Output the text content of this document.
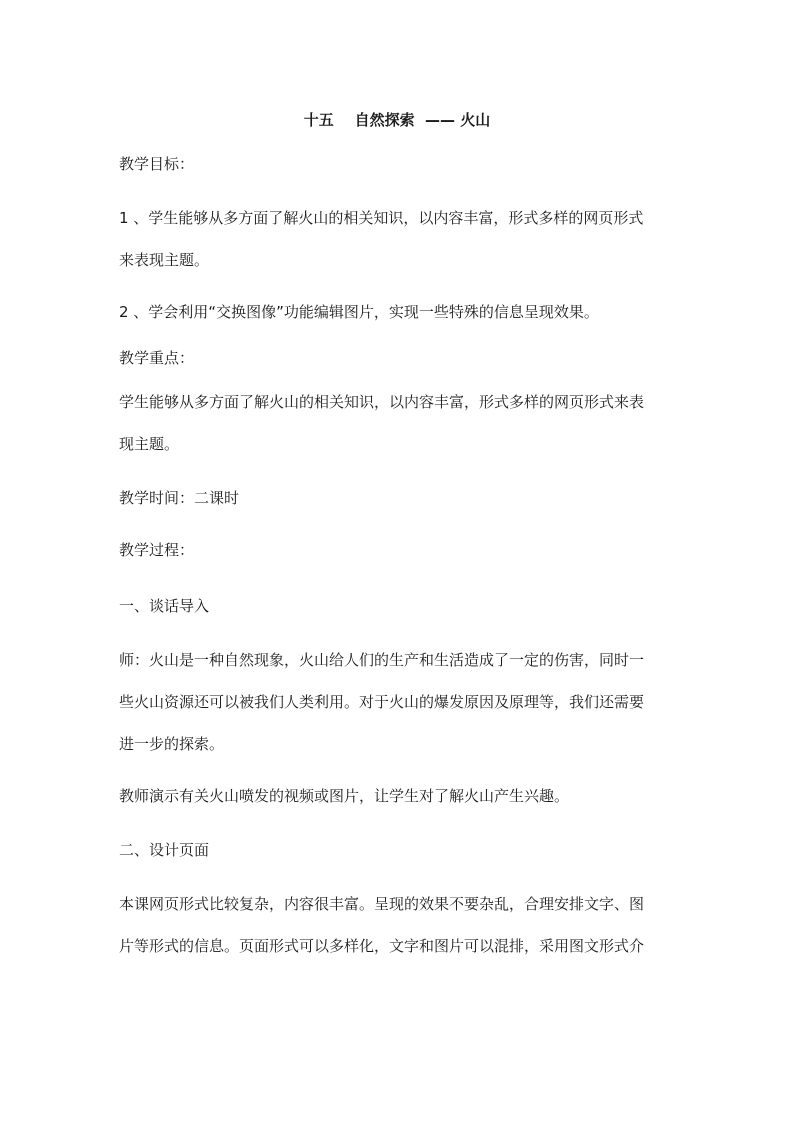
十五    自然探索  —— 火山
教学目标：
1 、学生能够从多方面了解火山的相关知识，以内容丰富，形式多样的网页形式
来表现主题。
2 、学会利用“交换图像”功能编辑图片，实现一些特殊的信息呈现效果。
教学重点：
学生能够从多方面了解火山的相关知识，以内容丰富，形式多样的网页形式来表
现主题。
教学时间：二课时
教学过程：
一、谈话导入
师：火山是一种自然现象，火山给人们的生产和生活造成了一定的伤害，同时一
些火山资源还可以被我们人类利用。对于火山的爆发原因及原理等，我们还需要
进一步的探索。
教师演示有关火山喷发的视频或图片，让学生对了解火山产生兴趣。
二、设计页面
本课网页形式比较复杂，内容很丰富。呈现的效果不要杂乱，合理安排文字、图
片等形式的信息。页面形式可以多样化，文字和图片可以混排，采用图文形式介
